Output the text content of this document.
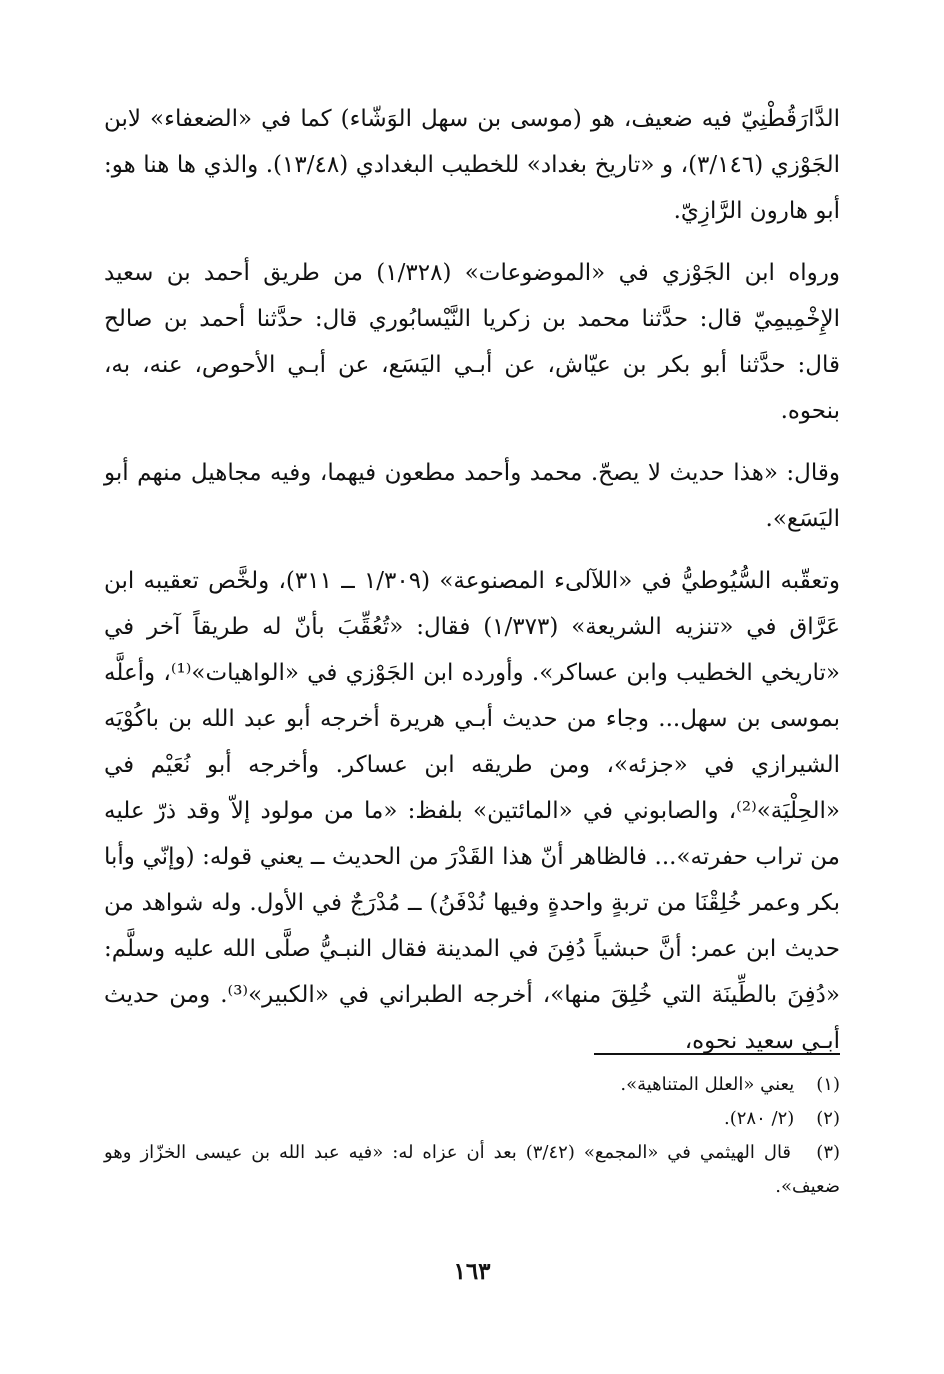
الدَّارَقُطْنِيّ فيه ضعيف، هو (موسى بن سهل الوَشّاء) كما في «الضعفاء» لابن الجَوْزي (٣/١٤٦)، و «تاريخ بغداد» للخطيب البغدادي (١٣/٤٨). والذي ها هنا هو: أبو هارون الرَّازِيّ.

ورواه ابن الجَوْزي في «الموضوعات» (١/٣٢٨) من طريق أحمد بن سعيد الإِخْمِيمِيّ قال: حدَّثنا محمد بن زكريا النَّيْسابُوري قال: حدَّثنا أحمد بن صالح قال: حدَّثنا أبو بكر بن عيّاش، عن أبـي اليَسَع، عن أبـي الأحوص، عنه، به، بنحوه.

وقال: «هذا حديث لا يصحّ. محمد وأحمد مطعون فيهما، وفيه مجاهيل منهم أبو اليَسَع».

وتعقّبه السُّيُوطيُّ في «اللآلىء المصنوعة» (١/٣٠٩ ــ ٣١١)، ولخَّص تعقيبه ابن عَرَّاق في «تنزيه الشريعة» (١/٣٧٣) فقال: «تُعُقِّبَ بأنّ له طريقاً آخر في «تاريخي الخطيب وابن عساكر». وأورده ابن الجَوْزي في «الواهيات»⁽¹⁾، وأعلَّه بموسى بن سهل... وجاء من حديث أبـي هريرة أخرجه أبو عبد الله بن باكُوْيَه الشيرازي في «جزئه»، ومن طريقه ابن عساكر. وأخرجه أبو نُعَيْم في «الحِلْيَة»⁽²⁾، والصابوني في «المائتين» بلفظ: «ما من مولود إلاّ وقد ذرّ عليه من تراب حفرته»... فالظاهر أنّ هذا القَدْرَ من الحديث ــ يعني قوله: (وإنّي وأبا بكر وعمر خُلِقْنَا من تربةٍ واحدةٍ وفيها نُدْفَنُ) ــ مُدْرَجٌ في الأول. وله شواهد من حديث ابن عمر: أنَّ حبشياً دُفِنَ في المدينة فقال النبـيُّ صلَّى الله عليه وسلَّم: «دُفِنَ بالطِّينَة التي خُلِقَ منها»، أخرجه الطبراني في «الكبير»⁽³⁾. ومن حديث أبـي سعيد نحوه،

(١) يعني «العلل المتناهية».

(٢) (٢/ ٢٨٠).

(٣) قال الهيثمي في «المجمع» (٣/٤٢) بعد أن عزاه له: «فيه عبد الله بن عيسى الخزّاز وهو ضعيف».

١٦٣
